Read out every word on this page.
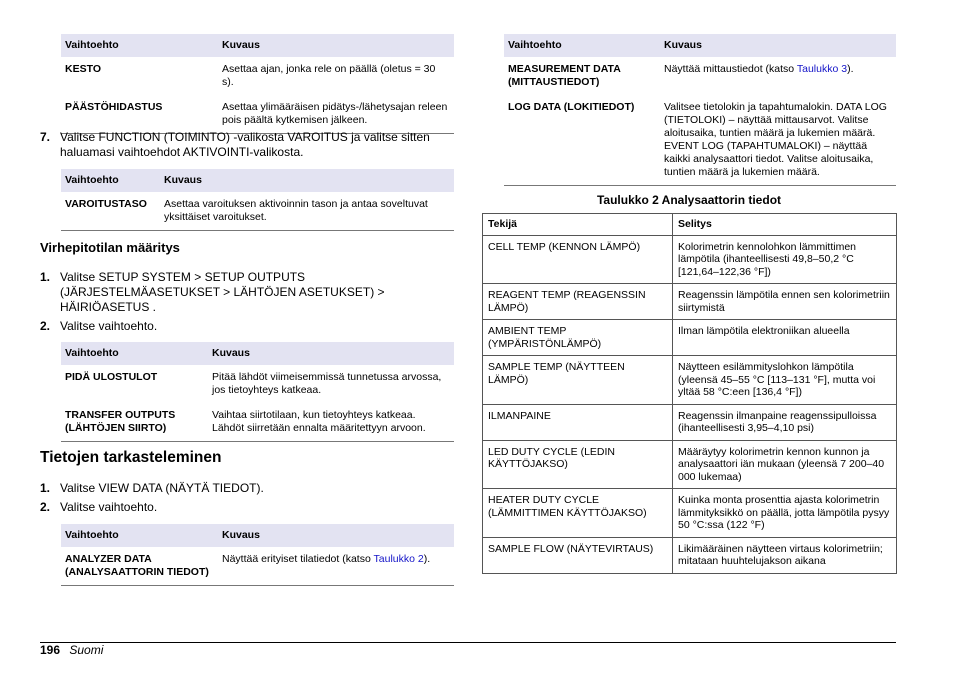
Vaihtoehto	Kuvaus
KESTO	Asettaa ajan, jonka rele on päällä (oletus = 30 s).
PÄÄSTÖHIDASTUS	Asettaa ylimääräisen pidätys-/lähetysajan releen pois päältä kytkemisen jälkeen.
7. Valitse FUNCTION (TOIMINTO) -valikosta VAROITUS ja valitse sitten haluamasi vaihtoehdot AKTIVOINTI-valikosta.
Vaihtoehto	Kuvaus
VAROITUSTASO	Asettaa varoituksen aktivoinnin tason ja antaa soveltuvat yksittäiset varoitukset.
Virhepitotilan määritys
1. Valitse SETUP SYSTEM > SETUP OUTPUTS (JÄRJESTELMÄASETUKSET > LÄHTÖJEN ASETUKSET) > HÄIRIÖASETUS .
2. Valitse vaihtoehto.
Vaihtoehto	Kuvaus
PIDÄ ULOSTULOT	Pitää lähdöt viimeisemmissä tunnetussa arvossa, jos tietoyhteys katkeaa.
TRANSFER OUTPUTS (LÄHTÖJEN SIIRTO)	Vaihtaa siirtotilaan, kun tietoyhteys katkeaa. Lähdöt siirretään ennalta määritettyyn arvoon.
Tietojen tarkasteleminen
1. Valitse VIEW DATA (NÄYTÄ TIEDOT).
2. Valitse vaihtoehto.
Vaihtoehto	Kuvaus
ANALYZER DATA (ANALYSAATTORIN TIEDOT)	Näyttää erityiset tilatiedot (katso Taulukko 2).
Vaihtoehto	Kuvaus
MEASUREMENT DATA (MITTAUSTIEDOT)	Näyttää mittaustiedot (katso Taulukko 3).
LOG DATA (LOKITIEDOT)	Valitsee tietolokin ja tapahtumalokin. DATA LOG (TIETOLOKI) – näyttää mittausarvot. Valitse aloitusaika, tuntien määrä ja lukemien määrä. EVENT LOG (TAPAHTUMALOKI) – näyttää kaikki analysaattori tiedot. Valitse aloitusaika, tuntien määrä ja lukemien määrä.
Taulukko 2 Analysaattorin tiedot
Tekijä	Selitys
CELL TEMP (KENNON LÄMPÖ)	Kolorimetrin kennolohkon lämmittimen lämpötila (ihanteellisesti 49,8–50,2 °C [121,64–122,36 °F])
REAGENT TEMP (REAGENSSIN LÄMPÖ)	Reagenssin lämpötila ennen sen kolorimetriin siirtymistä
AMBIENT TEMP (YMPÄRISTÖNLÄMPÖ)	Ilman lämpötila elektroniikan alueella
SAMPLE TEMP (NÄYTTEEN LÄMPÖ)	Näytteen esilämmityslohkon lämpötila (yleensä 45–55 °C [113–131 °F], mutta voi yltää 58 °C:een [136,4 °F])
ILMANPAINE	Reagenssin ilmanpaine reagenssipulloissa (ihanteellisesti 3,95–4,10 psi)
LED DUTY CYCLE (LEDIN KÄYTTÖJAKSO)	Määräytyy kolorimetrin kennon kunnon ja analysaattori iän mukaan (yleensä 7 200–40 000 lukemaa)
HEATER DUTY CYCLE (LÄMMITTIMEN KÄYTTÖJAKSO)	Kuinka monta prosenttia ajasta kolorimetrin lämmityksikkö on päällä, jotta lämpötila pysyy 50 °C:ssa (122 °F)
SAMPLE FLOW (NÄYTEVIRTAUS)	Likimääräinen näytteen virtaus kolorimetriin; mitataan huuhtelujakson aikana
196 Suomi
